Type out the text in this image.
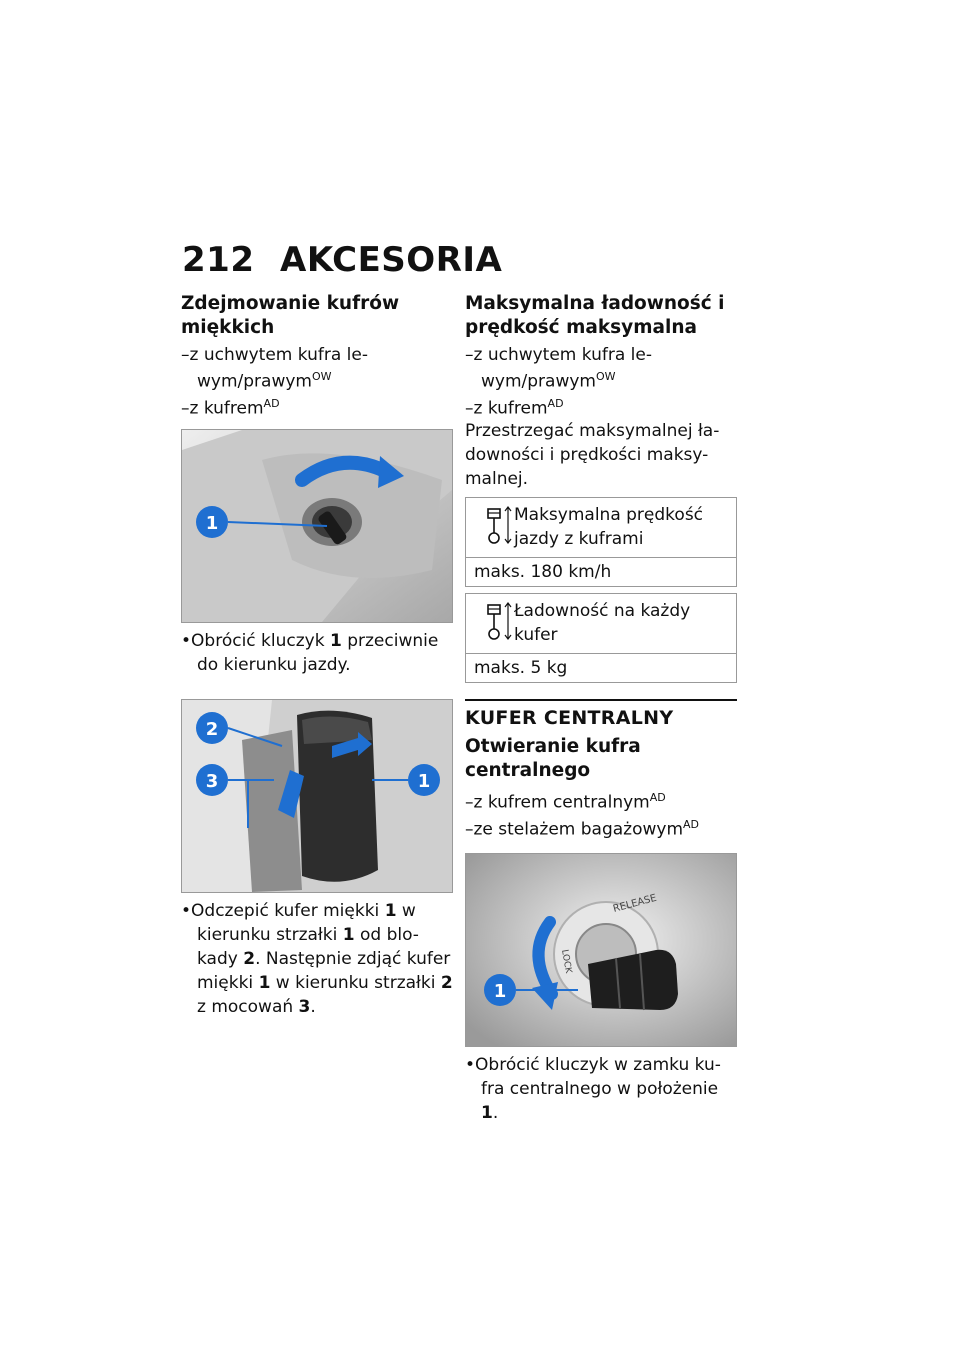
212 AKCESORIA
Zdejmowanie kufrów miękkich

–z uchwytem kufra le-wym/prawym$^{OW}$

–z kufrem$^{AD}$

1

•Obrócić kluczyk 1 przeciwnie do kierunku jazdy.

2
3	1

•Odczepić kufer miękki 1 w kierunku strzałki 1 od blo-kady 2. Następnie zdjąć kufer miękki 1 w kierunku strzałki 2 z mocowań 3.

Maksymalna ładowność i prędkość maksymalna

–z uchwytem kufra le-wym/prawym$^{OW}$

–z kufrem$^{AD}$

Przestrzegać maksymalnej ła-downości i prędkości maksy-malnej.

Maksymalna prędkość jazdy z kuframi
maks. 180 km/h
Ładowność na każdy kufer
maks. 5 kg
KUFER CENTRALNY
Otwieranie kufra centralnego

–z kufrem centralnym$^{AD}$

–ze stelażem bagażowym$^{AD}$

RELEASE
LOCK
1

•Obrócić kluczyk w zamku ku-fra centralnego w położenie 1.
